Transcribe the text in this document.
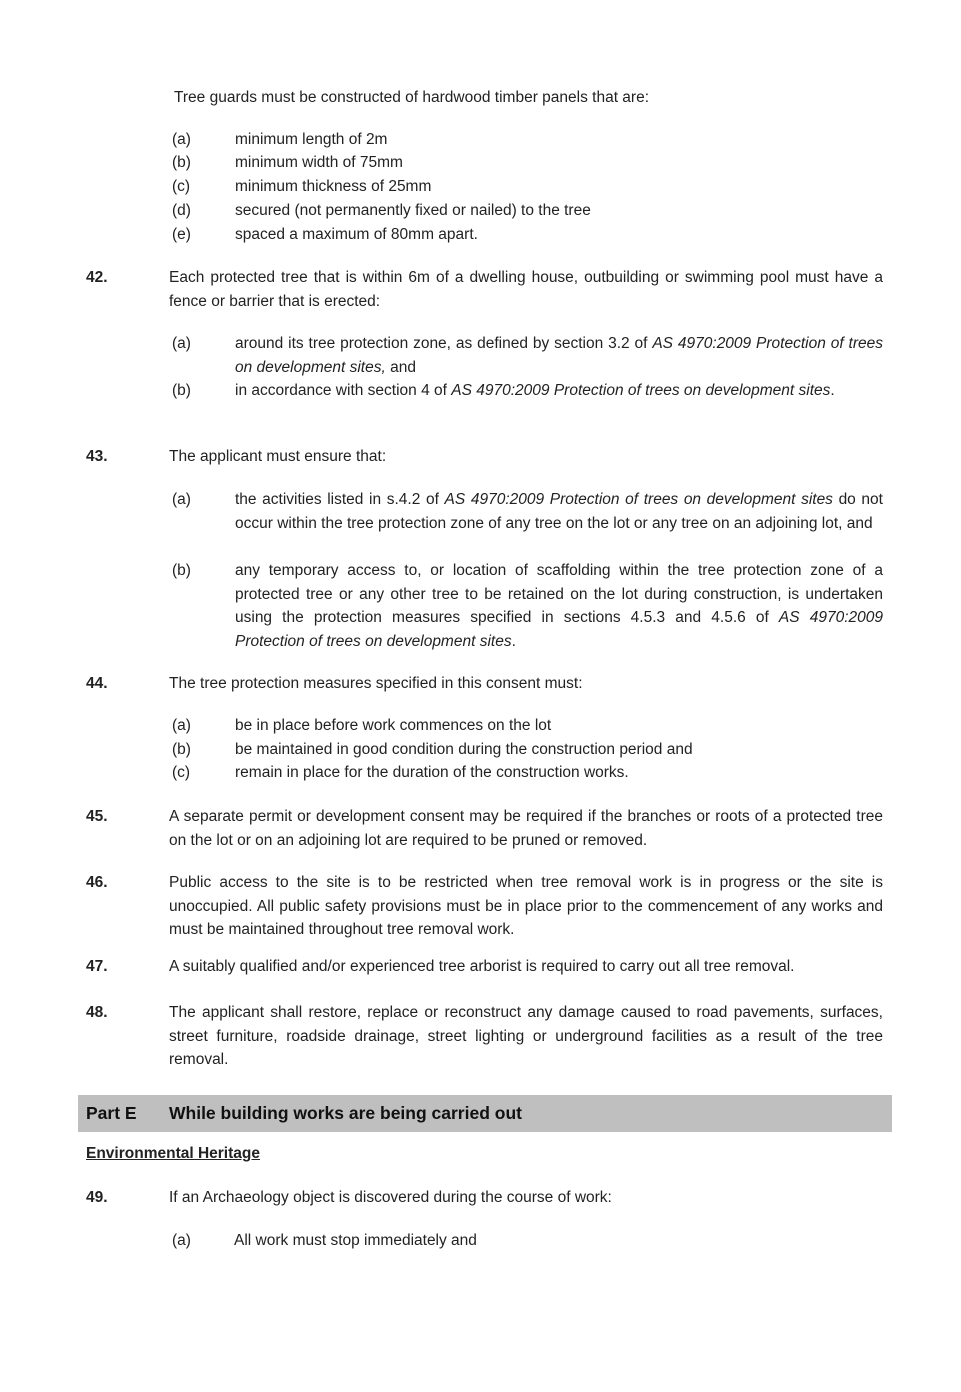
Tree guards must be constructed of hardwood timber panels that are:
(a)	minimum length of 2m
(b)	minimum width of 75mm
(c)	minimum thickness of 25mm
(d)	secured (not permanently fixed or nailed) to the tree
(e)	spaced a maximum of 80mm apart.
42.	Each protected tree that is within 6m of a dwelling house, outbuilding or swimming pool must have a fence or barrier that is erected:
(a)	around its tree protection zone, as defined by section 3.2 of AS 4970:2009 Protection of trees on development sites, and
(b)	in accordance with section 4 of AS 4970:2009 Protection of trees on development sites.
43.	The applicant must ensure that:
(a)	the activities listed in s.4.2 of AS 4970:2009 Protection of trees on development sites do not occur within the tree protection zone of any tree on the lot or any tree on an adjoining lot, and
(b)	any temporary access to, or location of scaffolding within the tree protection zone of a protected tree or any other tree to be retained on the lot during construction, is undertaken using the protection measures specified in sections 4.5.3 and 4.5.6 of AS 4970:2009 Protection of trees on development sites.
44.	The tree protection measures specified in this consent must:
(a)	be in place before work commences on the lot
(b)	be maintained in good condition during the construction period and
(c)	remain in place for the duration of the construction works.
45.	A separate permit or development consent may be required if the branches or roots of a protected tree on the lot or on an adjoining lot are required to be pruned or removed.
46.	Public access to the site is to be restricted when tree removal work is in progress or the site is unoccupied. All public safety provisions must be in place prior to the commencement of any works and must be maintained throughout tree removal work.
47.	A suitably qualified and/or experienced tree arborist is required to carry out all tree removal.
48.	The applicant shall restore, replace or reconstruct any damage caused to road pavements, surfaces, street furniture, roadside drainage, street lighting or underground facilities as a result of the tree removal.
Part E While building works are being carried out
Environmental Heritage
49.	If an Archaeology object is discovered during the course of work:
(a)	All work must stop immediately and
